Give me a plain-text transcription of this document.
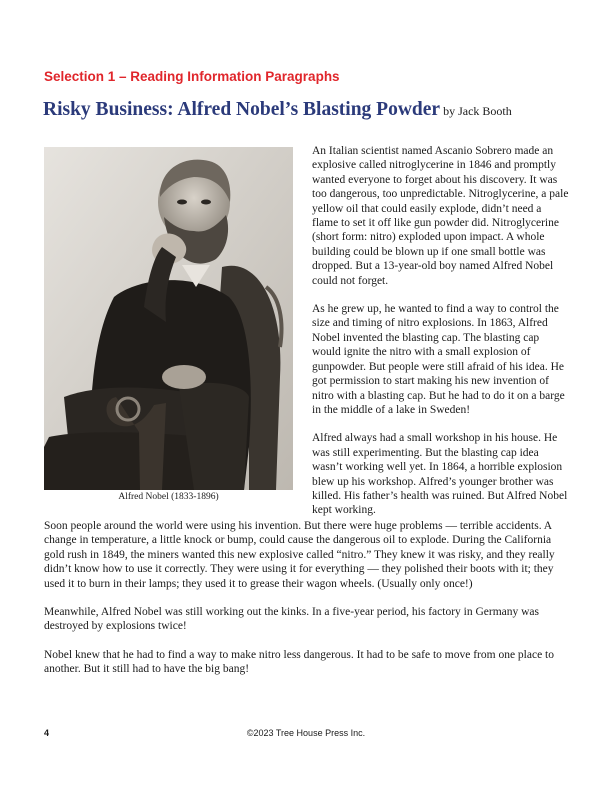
Selection 1 – Reading Information Paragraphs
Risky Business: Alfred Nobel’s Blasting Powder by Jack Booth
Alfred Nobel (1833-1896)

An Italian scientist named Ascanio Sobrero made an explosive called nitroglycerine in 1846 and promptly wanted everyone to forget about his discovery. It was too dangerous, too unpredictable. Nitroglycerine, a pale yellow oil that could easily explode, didn’t need a flame to set it off like gun powder did. Nitroglycerine (short form: nitro) exploded upon impact. A whole building could be blown up if one small bottle was dropped. But a 13-year-old boy named Alfred Nobel could not forget.

As he grew up, he wanted to find a way to control the size and timing of nitro explosions. In 1863, Alfred Nobel invented the blasting cap. The blasting cap would ignite the nitro with a small explosion of gunpowder. But people were still afraid of his idea. He got permission to start making his new invention of nitro with a blasting cap. But he had to do it on a barge in the middle of a lake in Sweden!

Alfred always had a small workshop in his house. He was still experimenting. But the blasting cap idea wasn’t working well yet. In 1864, a horrible explosion blew up his workshop. Alfred’s younger brother was killed. His father’s health was ruined. But Alfred Nobel kept working.

Soon people around the world were using his invention. But there were huge problems — terrible accidents. A change in temperature, a little knock or bump, could cause the dangerous oil to explode. During the California gold rush in 1849, the miners wanted this new explosive called “nitro.” They knew it was risky, and they really didn’t know how to use it correctly. They were using it for everything — they polished their boots with it; they used it to burn in their lamps; they used it to grease their wagon wheels. (Usually only once!)

Meanwhile, Alfred Nobel was still working out the kinks. In a five-year period, his factory in Germany was destroyed by explosions twice!

Nobel knew that he had to find a way to make nitro less dangerous. It had to be safe to move from one place to another. But it still had to have the big bang!

4	©2023 Tree House Press Inc.
